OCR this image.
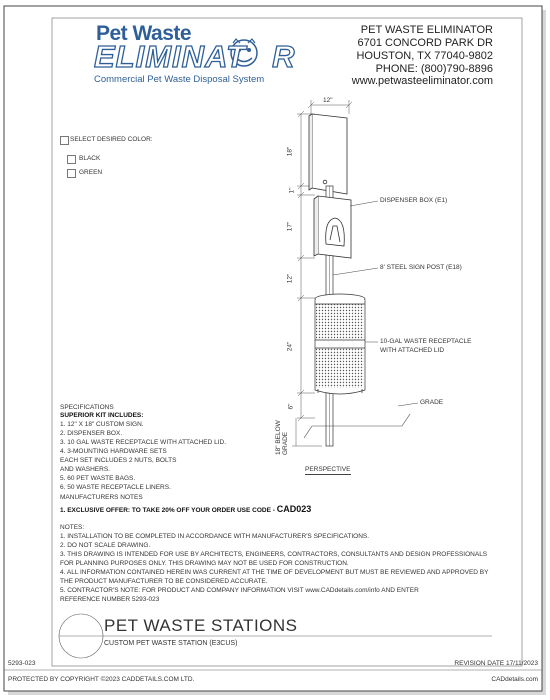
Pet Waste
ELIMINAT R
Commercial Pet Waste Disposal System
PET WASTE ELIMINATOR
6701 CONCORD PARK DR
HOUSTON, TX 77040-9802
PHONE: (800)790-8896
www.petwasteeliminator.com
SELECT DESIRED COLOR:
BLACK
GREEN
12"
18"
1"
17"
12"
24"
6"
18" BELOW GRADE
DISPENSER BOX (E1)
8' STEEL SIGN POST (E18)
10-GAL WASTE RECEPTACLE
WITH ATTACHED LID
GRADE
PERSPECTIVE
SPECIFICATIONS
SUPERIOR KIT INCLUDES:
1. 12" X 18" CUSTOM SIGN.
2. DISPENSER BOX.
3. 10 GAL WASTE RECEPTACLE WITH ATTACHED LID.
4. 3-MOUNTING HARDWARE SETS
EACH SET INCLUDES 2 NUTS, BOLTS
AND WASHERS.
5. 60 PET WASTE BAGS.
6. 50 WASTE RECEPTACLE LINERS.
MANUFACTURERS NOTES
1. EXCLUSIVE OFFER: TO TAKE 20% OFF YOUR ORDER USE CODE - CAD023
NOTES:
1. INSTALLATION TO BE COMPLETED IN ACCORDANCE WITH MANUFACTURER'S SPECIFICATIONS.
2. DO NOT SCALE DRAWING.
3. THIS DRAWING IS INTENDED FOR USE BY ARCHITECTS, ENGINEERS, CONTRACTORS, CONSULTANTS AND DESIGN PROFESSIONALS
FOR PLANNING PURPOSES ONLY. THIS DRAWING MAY NOT BE USED FOR CONSTRUCTION.
4. ALL INFORMATION CONTAINED HEREIN WAS CURRENT AT THE TIME OF DEVELOPMENT BUT MUST BE REVIEWED AND APPROVED BY
THE PRODUCT MANUFACTURER TO BE CONSIDERED ACCURATE.
5. CONTRACTOR'S NOTE: FOR PRODUCT AND COMPANY INFORMATION VISIT www.CADdetails.com/info AND ENTER
REFERENCE NUMBER 5293-023
PET WASTE STATIONS
CUSTOM PET WASTE STATION (E3CUS)
5293-023	REVISION DATE 17/11/2023
PROTECTED BY COPYRIGHT ©2023 CADDETAILS.COM LTD.	CADdetails.com
